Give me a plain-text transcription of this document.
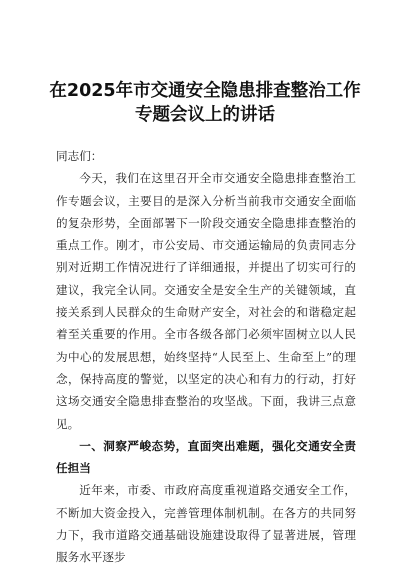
在2025年市交通安全隐患排查整治工作
专题会议上的讲话

同志们：

今天，我们在这里召开全市交通安全隐患排查整治工作专题会议，主要目的是深入分析当前我市交通安全面临的复杂形势，全面部署下一阶段交通安全隐患排查整治的重点工作。刚才，市公安局、市交通运输局的负责同志分别对近期工作情况进行了详细通报，并提出了切实可行的建议，我完全认同。交通安全是安全生产的关键领域，直接关系到人民群众的生命财产安全，对社会的和谐稳定起着至关重要的作用。全市各级各部门必须牢固树立以人民为中心的发展思想，始终坚持“人民至上、生命至上”的理念，保持高度的警觉，以坚定的决心和有力的行动，打好这场交通安全隐患排查整治的攻坚战。下面，我讲三点意见。

一、洞察严峻态势，直面突出难题，强化交通安全责任担当

近年来，市委、市政府高度重视道路交通安全工作，不断加大资金投入，完善管理体制机制。在各方的共同努力下，我市道路交通基础设施建设取得了显著进展，管理服务水平逐步
